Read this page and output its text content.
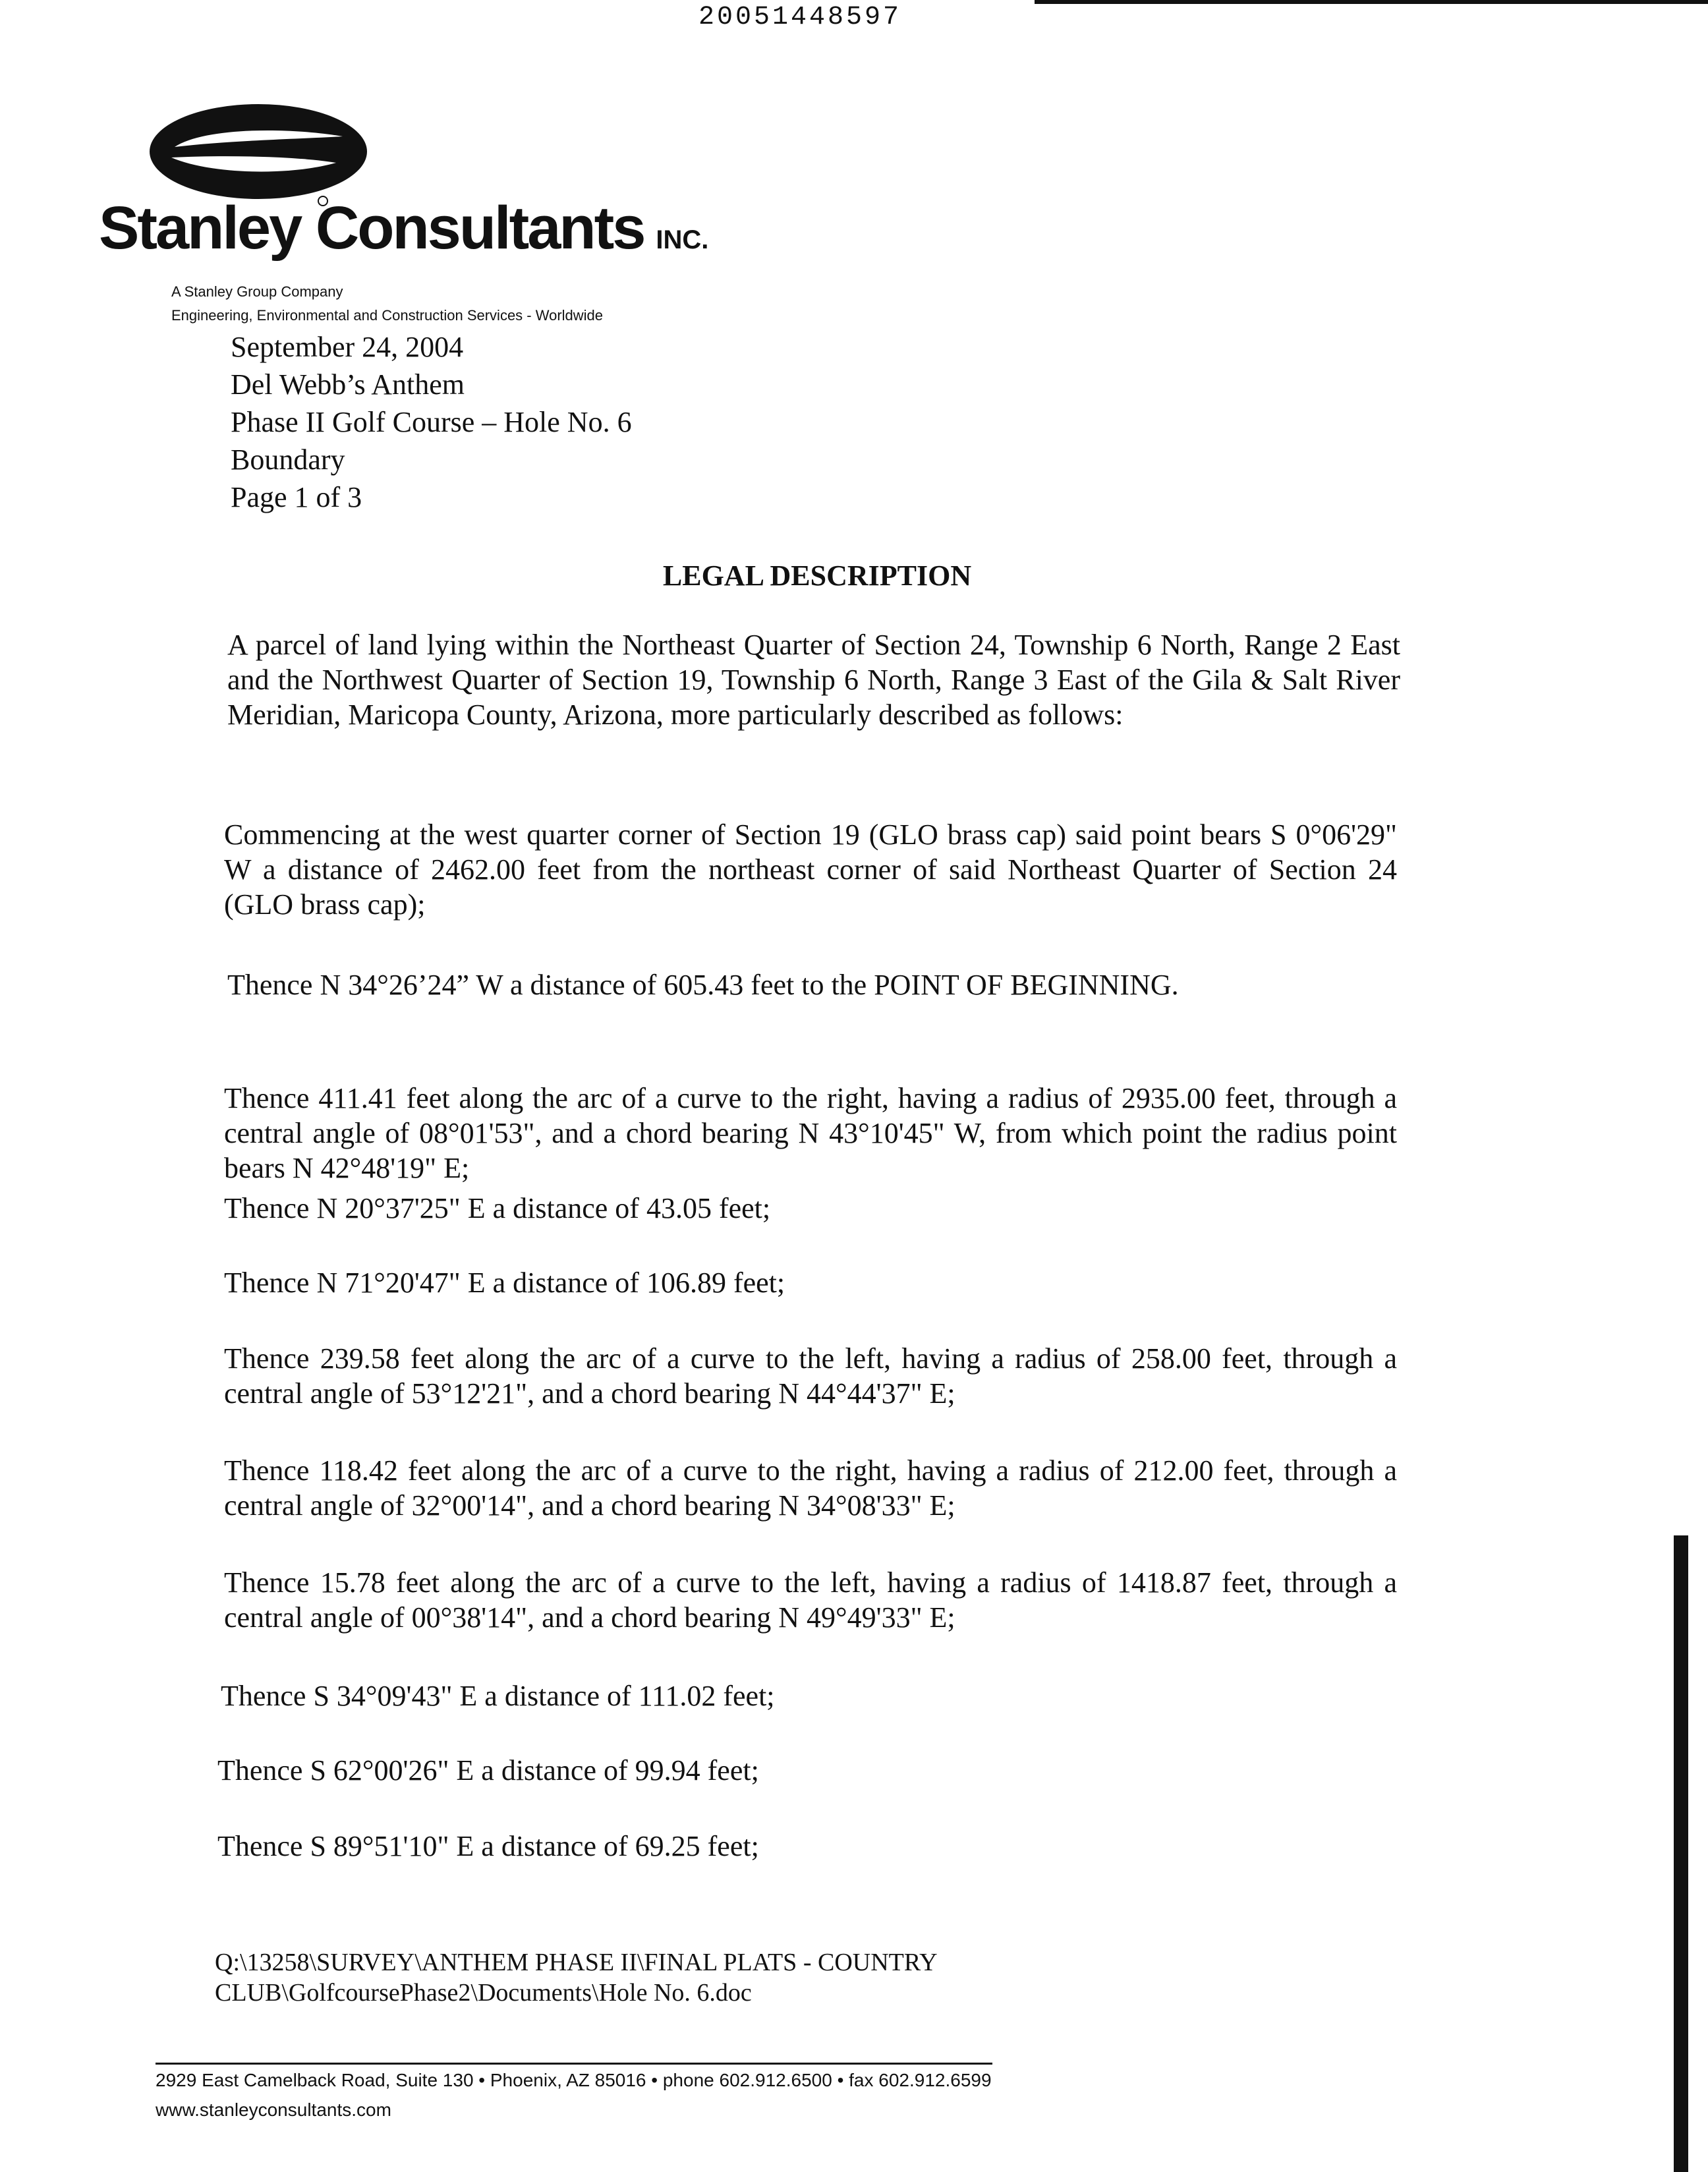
20051448597
Stanley Consultants INC.
A Stanley Group Company
Engineering, Environmental and Construction Services - Worldwide
September 24, 2004
Del Webb’s Anthem
Phase II Golf Course – Hole No. 6
Boundary
Page 1 of 3
LEGAL DESCRIPTION
A parcel of land lying within the Northeast Quarter of Section 24, Township 6 North, Range 2 East and the Northwest Quarter of Section 19, Township 6 North, Range 3 East of the Gila & Salt River Meridian, Maricopa County, Arizona, more particularly described as follows:
Commencing at the west quarter corner of Section 19 (GLO brass cap) said point bears S 0°06'29" W a distance of 2462.00 feet from the northeast corner of said Northeast Quarter of Section 24 (GLO brass cap);
Thence N 34°26’24” W a distance of 605.43 feet to the POINT OF BEGINNING.
Thence 411.41 feet along the arc of a curve to the right, having a radius of 2935.00 feet, through a central angle of 08°01'53", and a chord bearing N 43°10'45" W, from which point the radius point bears N 42°48'19" E;
Thence N 20°37'25" E a distance of 43.05 feet;
Thence N 71°20'47" E a distance of 106.89 feet;
Thence 239.58 feet along the arc of a curve to the left, having a radius of 258.00 feet, through a central angle of 53°12'21", and a chord bearing N 44°44'37" E;
Thence 118.42 feet along the arc of a curve to the right, having a radius of 212.00 feet, through a central angle of 32°00'14", and a chord bearing N 34°08'33" E;
Thence 15.78 feet along the arc of a curve to the left, having a radius of 1418.87 feet, through a central angle of 00°38'14", and a chord bearing N 49°49'33" E;
Thence S 34°09'43" E a distance of 111.02 feet;
Thence S 62°00'26" E a distance of 99.94 feet;
Thence S 89°51'10" E a distance of 69.25 feet;
Q:\13258\SURVEY\ANTHEM PHASE II\FINAL PLATS - COUNTRY
CLUB\GolfcoursePhase2\Documents\Hole No. 6.doc
2929 East Camelback Road, Suite 130 • Phoenix, AZ 85016 • phone 602.912.6500 • fax 602.912.6599
www.stanleyconsultants.com
